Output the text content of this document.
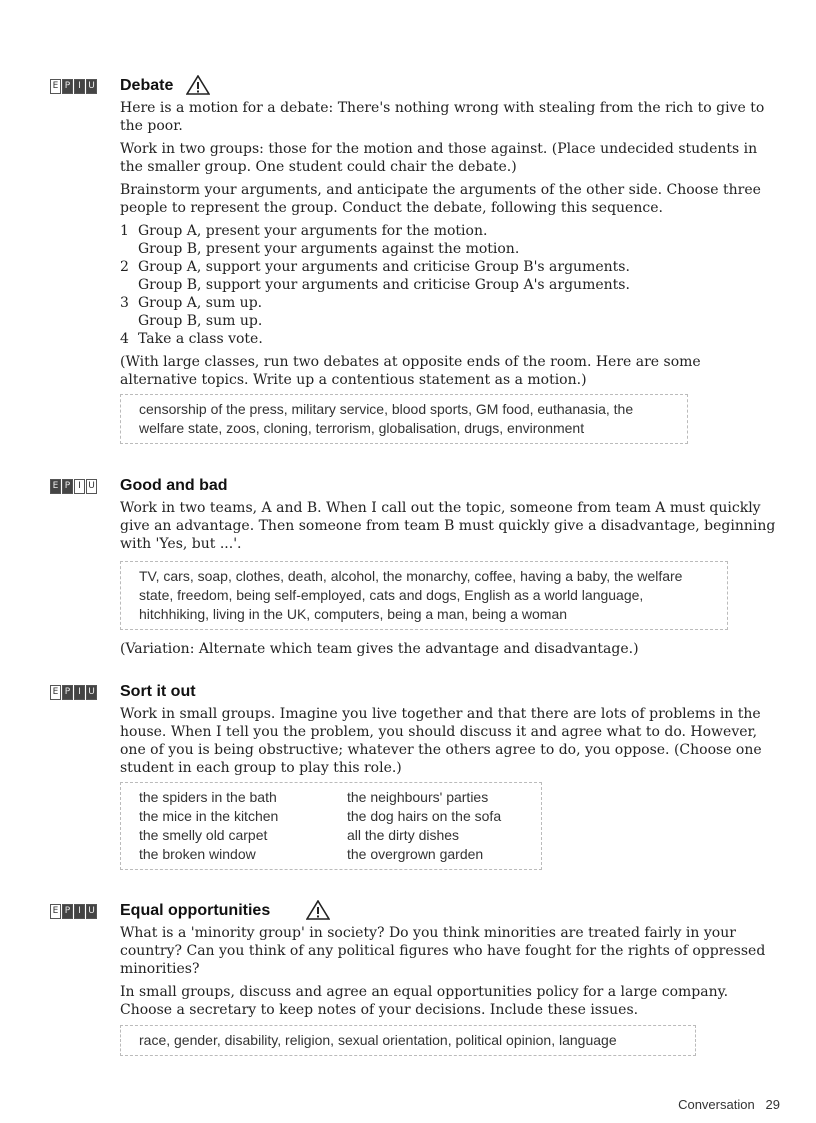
E P I U Debate

Here is a motion for a debate: There's nothing wrong with stealing from the rich to give to the poor.

Work in two groups: those for the motion and those against. (Place undecided students in the smaller group. One student could chair the debate.)

Brainstorm your arguments, and anticipate the arguments of the other side. Choose three people to represent the group. Conduct the debate, following this sequence.

1 Group A, present your arguments for the motion.
Group B, present your arguments against the motion.
2 Group A, support your arguments and criticise Group B's arguments.
Group B, support your arguments and criticise Group A's arguments.
3 Group A, sum up.
Group B, sum up.
4 Take a class vote.

(With large classes, run two debates at opposite ends of the room. Here are some alternative topics. Write up a contentious statement as a motion.)

censorship of the press, military service, blood sports, GM food, euthanasia, the welfare state, zoos, cloning, terrorism, globalisation, drugs, environment
E P I U Good and bad

Work in two teams, A and B. When I call out the topic, someone from team A must quickly give an advantage. Then someone from team B must quickly give a disadvantage, beginning with 'Yes, but ...'.

TV, cars, soap, clothes, death, alcohol, the monarchy, coffee, having a baby, the welfare state, freedom, being self-employed, cats and dogs, English as a world language, hitchhiking, living in the UK, computers, being a man, being a woman

(Variation: Alternate which team gives the advantage and disadvantage.)

E P I U Sort it out

Work in small groups. Imagine you live together and that there are lots of problems in the house. When I tell you the problem, you should discuss it and agree what to do. However, one of you is being obstructive; whatever the others agree to do, you oppose. (Choose one student in each group to play this role.)

the spiders in the bath	the neighbours' parties
the mice in the kitchen	the dog hairs on the sofa
the smelly old carpet	all the dirty dishes
the broken window	the overgrown garden
E P I U Equal opportunities

What is a 'minority group' in society? Do you think minorities are treated fairly in your country? Can you think of any political figures who have fought for the rights of oppressed minorities?

In small groups, discuss and agree an equal opportunities policy for a large company. Choose a secretary to keep notes of your decisions. Include these issues.

race, gender, disability, religion, sexual orientation, political opinion, language
Conversation 29
